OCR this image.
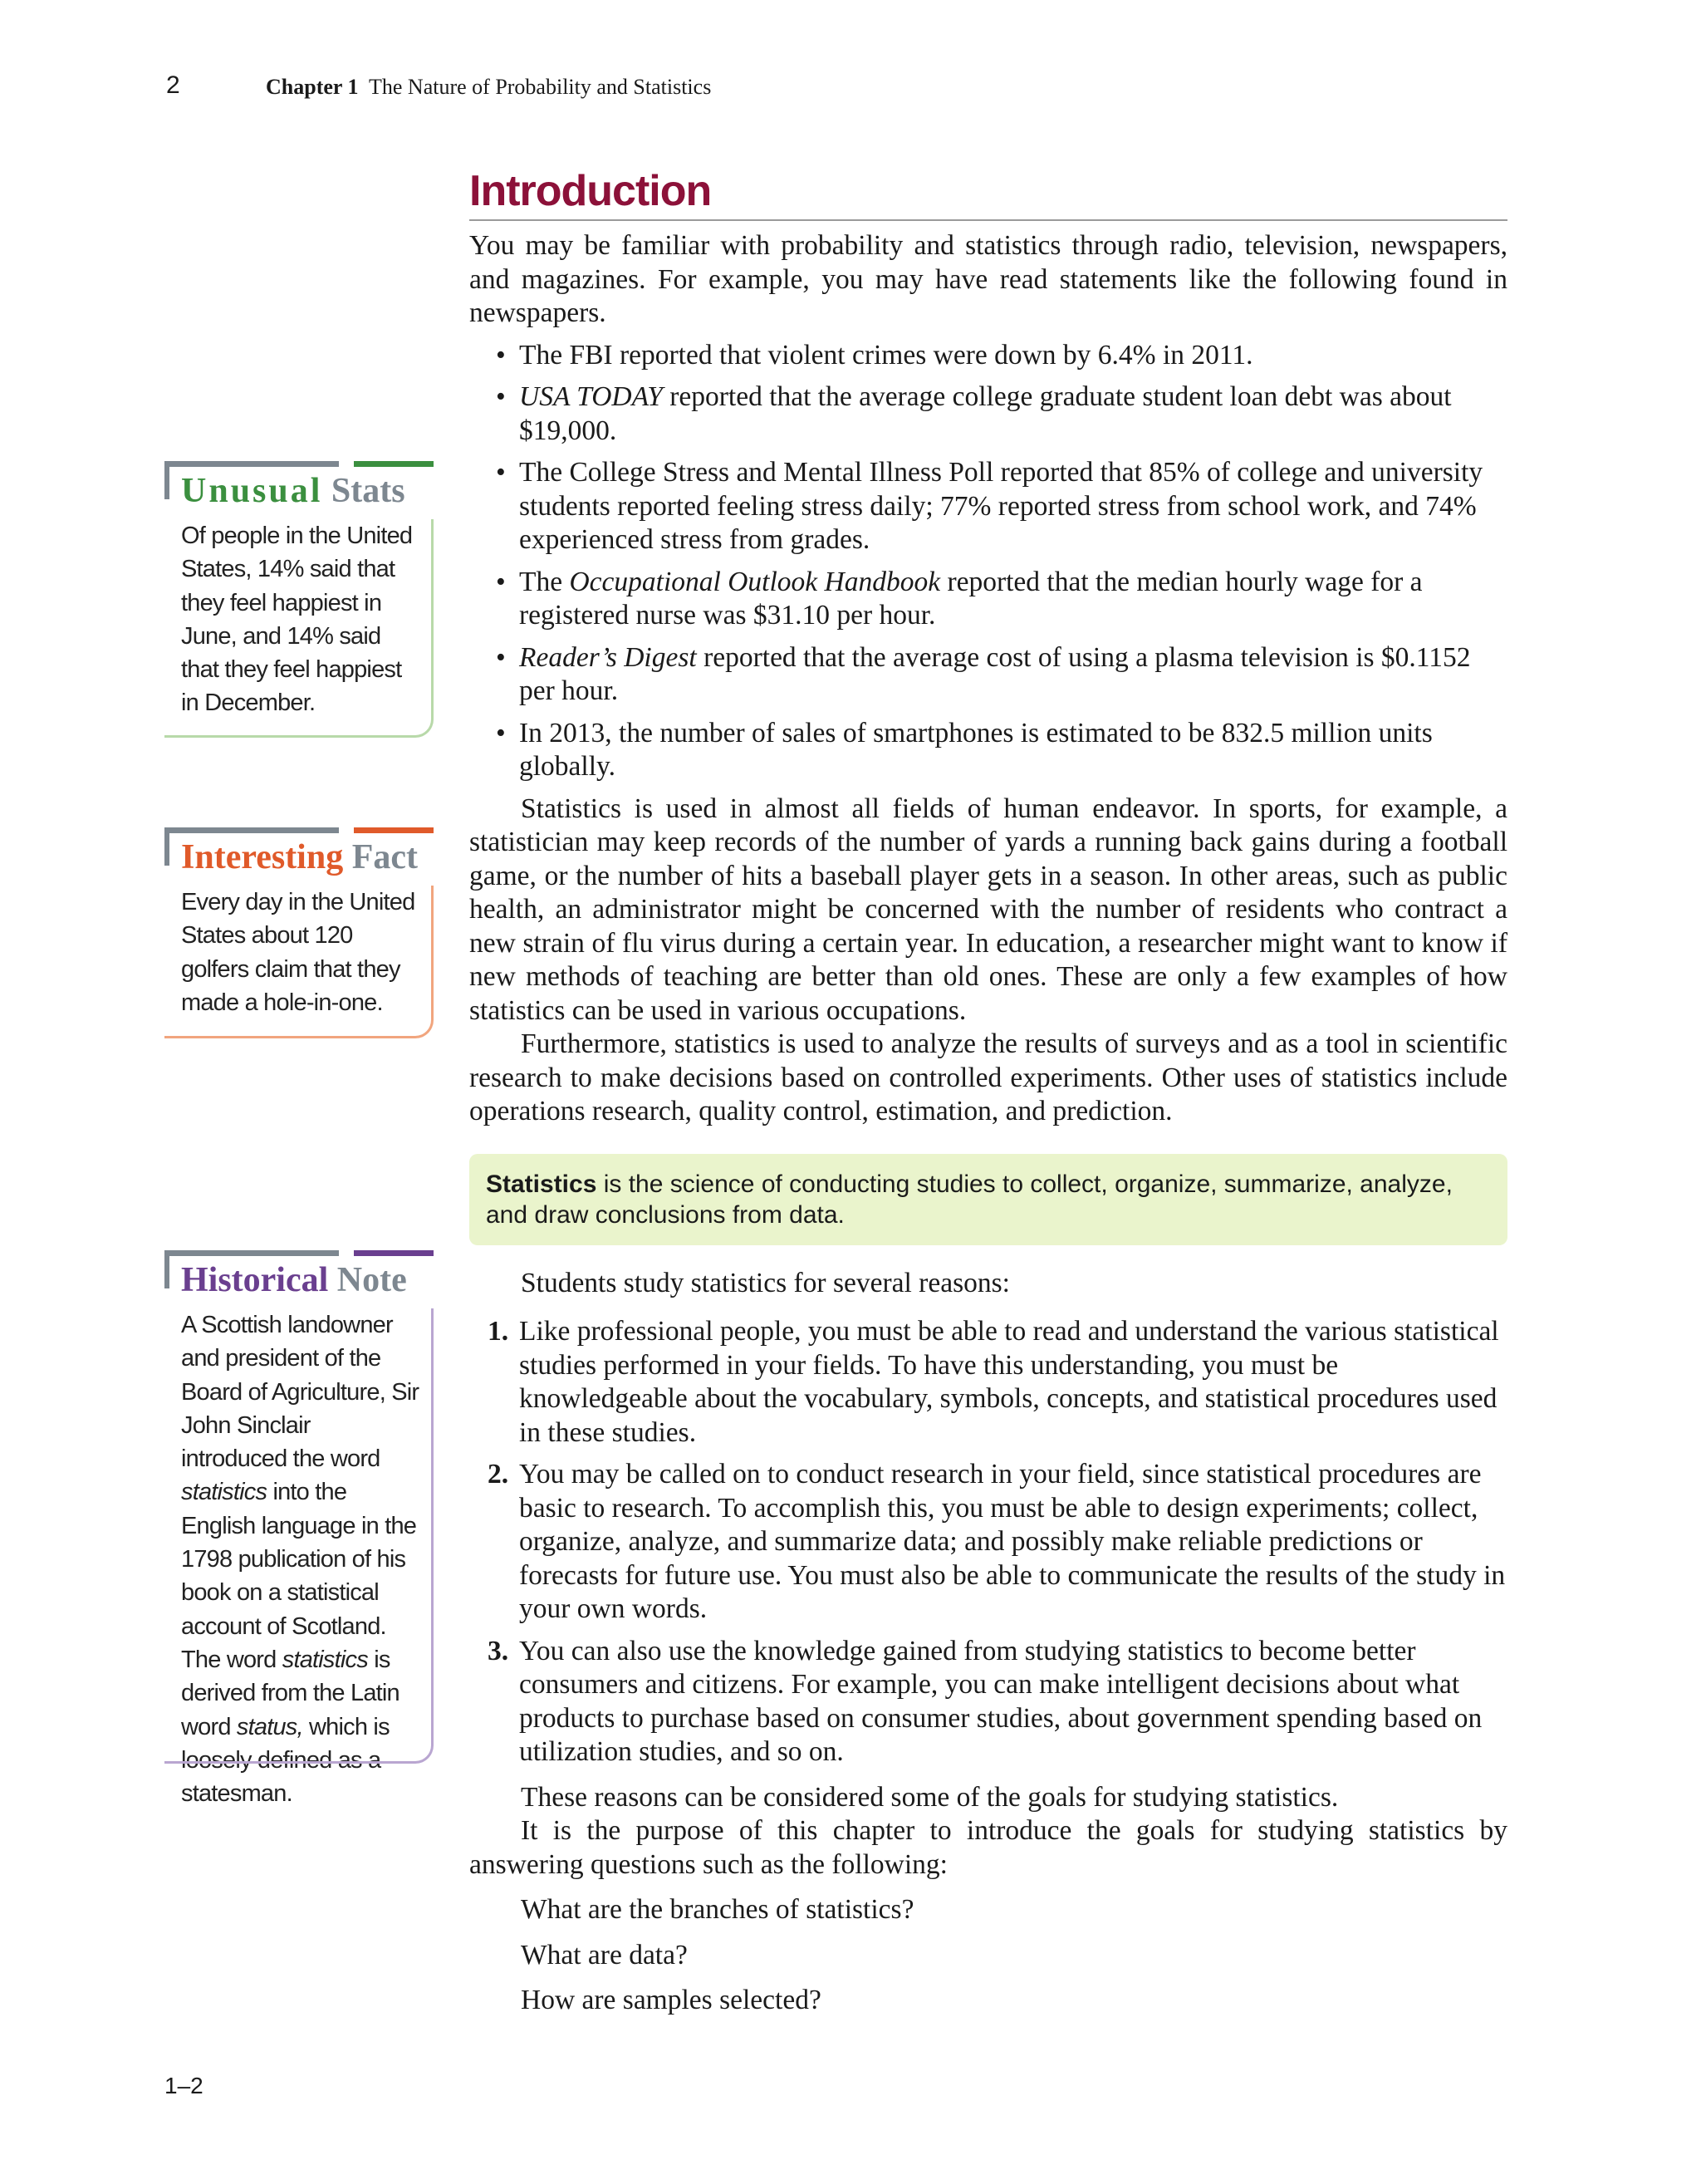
2	Chapter 1 The Nature of Probability and Statistics
Introduction

You may be familiar with probability and statistics through radio, television, newspapers, and magazines. For example, you may have read statements like the following found in newspapers.

• The FBI reported that violent crimes were down by 6.4% in 2011.
• USA TODAY reported that the average college graduate student loan debt was about $19,000.
• The College Stress and Mental Illness Poll reported that 85% of college and university students reported feeling stress daily; 77% reported stress from school work, and 74% experienced stress from grades.
• The Occupational Outlook Handbook reported that the median hourly wage for a registered nurse was $31.10 per hour.
• Reader’s Digest reported that the average cost of using a plasma television is $0.1152 per hour.
• In 2013, the number of sales of smartphones is estimated to be 832.5 million units globally.

Statistics is used in almost all fields of human endeavor. In sports, for example, a statistician may keep records of the number of yards a running back gains during a football game, or the number of hits a baseball player gets in a season. In other areas, such as public health, an administrator might be concerned with the number of residents who contract a new strain of flu virus during a certain year. In education, a researcher might want to know if new methods of teaching are better than old ones. These are only a few examples of how statistics can be used in various occupations.

Furthermore, statistics is used to analyze the results of surveys and as a tool in scientific research to make decisions based on controlled experiments. Other uses of statistics include operations research, quality control, estimation, and prediction.

Statistics is the science of conducting studies to collect, organize, summarize, analyze, and draw conclusions from data.

Students study statistics for several reasons:

1. Like professional people, you must be able to read and understand the various statistical studies performed in your fields. To have this understanding, you must be knowledgeable about the vocabulary, symbols, concepts, and statistical procedures used in these studies.
2. You may be called on to conduct research in your field, since statistical procedures are basic to research. To accomplish this, you must be able to design experiments; collect, organize, analyze, and summarize data; and possibly make reliable predictions or forecasts for future use. You must also be able to communicate the results of the study in your own words.
3. You can also use the knowledge gained from studying statistics to become better consumers and citizens. For example, you can make intelligent decisions about what products to purchase based on consumer studies, about government spending based on utilization studies, and so on.

These reasons can be considered some of the goals for studying statistics.

It is the purpose of this chapter to introduce the goals for studying statistics by answering questions such as the following:

What are the branches of statistics?
What are data?
How are samples selected?
Unusual Stats
Of people in the United States, 14% said that they feel happiest in June, and 14% said that they feel happiest in December.
Interesting Fact
Every day in the United States about 120 golfers claim that they made a hole-in-one.
Historical Note
A Scottish landowner and president of the Board of Agriculture, Sir John Sinclair introduced the word statistics into the English language in the 1798 publication of his book on a statistical account of Scotland. The word statistics is derived from the Latin word status, which is loosely defined as a statesman.
1–2
